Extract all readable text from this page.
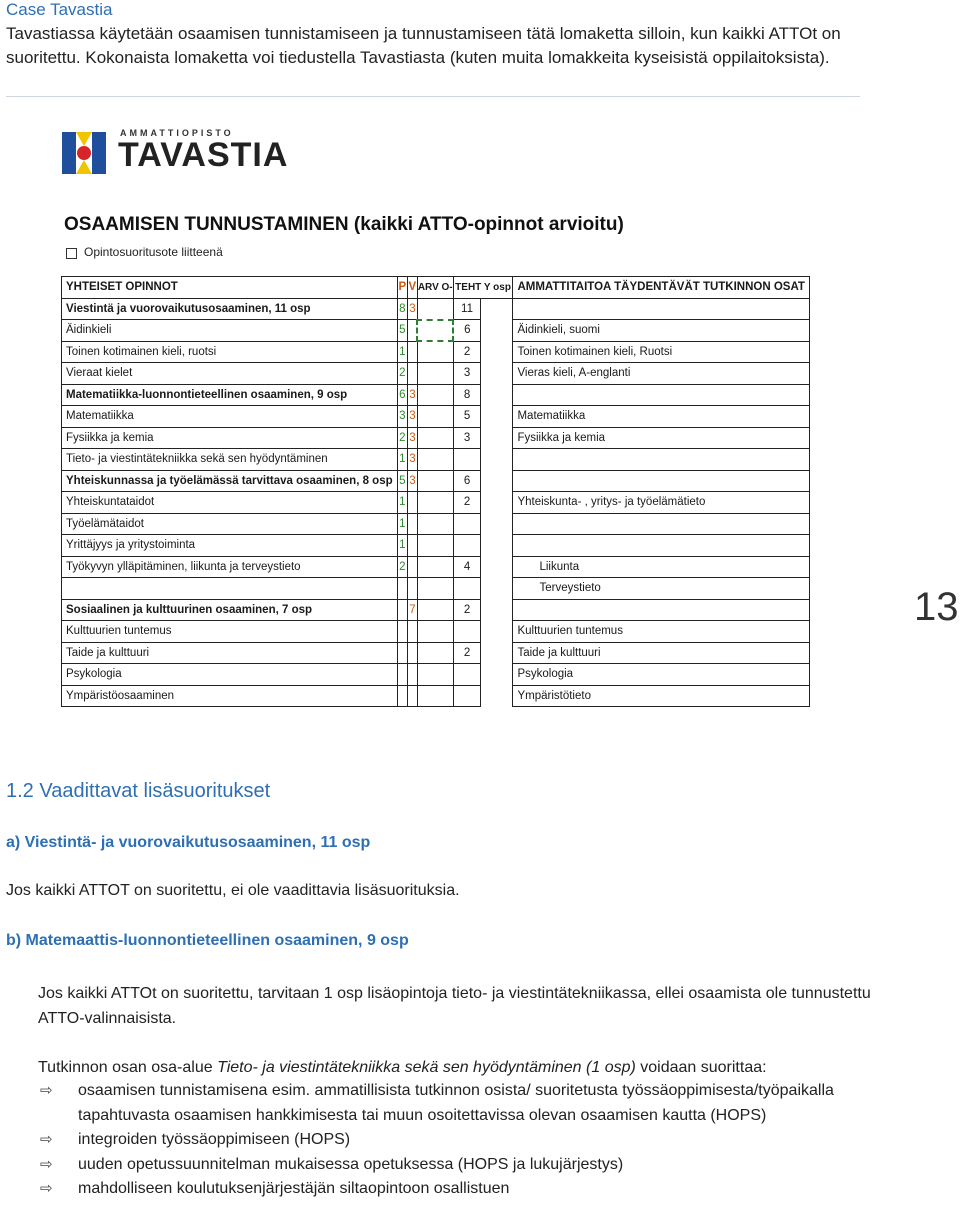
Case Tavastia
Tavastiassa käytetään osaamisen tunnistamiseen ja tunnustamiseen tätä lomaketta silloin, kun kaikki ATTOt on suoritettu. Kokonaista lomaketta voi tiedustella Tavastiasta (kuten muita lomakkeita kyseisistä oppilaitoksista).
AMMATTIOPISTO
TAVASTIA
OSAAMISEN TUNNUSTAMINEN (kaikki ATTO-opinnot arvioitu)
Opintosuoritusote liitteenä
YHTEISET OPINNOT	P	V	ARV O-	TEHT Y osp		AMMATTITAITOA TÄYDENTÄVÄT TUTKINNON OSAT
Viestintä ja vuorovaikutusosaaminen, 11 osp	8	3		11		
Äidinkieli	5			6		Äidinkieli, suomi
Toinen kotimainen kieli, ruotsi	1			2		Toinen kotimainen kieli, Ruotsi
Vieraat kielet	2			3		Vieras kieli, A-englanti
Matematiikka-luonnontieteellinen osaaminen, 9 osp	6	3		8		
Matematiikka	3	3		5		Matematiikka
Fysiikka ja kemia	2	3		3		Fysiikka ja kemia
Tieto- ja viestintätekniikka sekä sen hyödyntäminen	1	3				
Yhteiskunnassa ja työelämässä tarvittava osaaminen, 8 osp	5	3		6		
Yhteiskuntataidot	1			2		Yhteiskunta- , yritys- ja työelämätieto
Työelämätaidot	1					
Yrittäjyys ja yritystoiminta	1					
Työkyvyn ylläpitäminen, liikunta ja terveystieto	2			4		Liikunta
						Terveystieto
Sosiaalinen ja kulttuurinen osaaminen, 7 osp		7		2		
Kulttuurien tuntemus						Kulttuurien tuntemus
Taide ja kulttuuri				2		Taide ja kulttuuri
Psykologia						Psykologia
Ympäristöosaaminen						Ympäristötieto
13
1.2 Vaadittavat lisäsuoritukset
a) Viestintä- ja vuorovaikutusosaaminen, 11 osp
Jos kaikki ATTOT on suoritettu, ei ole vaadittavia lisäsuorituksia.
b) Matemaattis-luonnontieteellinen osaaminen, 9 osp
Jos kaikki ATTOt on suoritettu, tarvitaan 1 osp lisäopintoja tieto- ja viestintätekniikassa, ellei osaamista ole tunnustettu ATTO-valinnaisista.
Tutkinnon osan osa-alue Tieto- ja viestintätekniikka sekä sen hyödyntäminen (1 osp) voidaan suorittaa:
⇨	osaamisen tunnistamisena esim. ammatillisista tutkinnon osista/ suoritetusta työssäoppimisesta/työpaikalla tapahtuvasta osaamisen hankkimisesta tai muun osoitettavissa olevan osaamisen kautta (HOPS)
⇨	integroiden työssäoppimiseen (HOPS)
⇨	uuden opetussuunnitelman mukaisessa opetuksessa (HOPS ja lukujärjestys)
⇨	mahdolliseen koulutuksenjärjestäjän siltaopintoon osallistuen
